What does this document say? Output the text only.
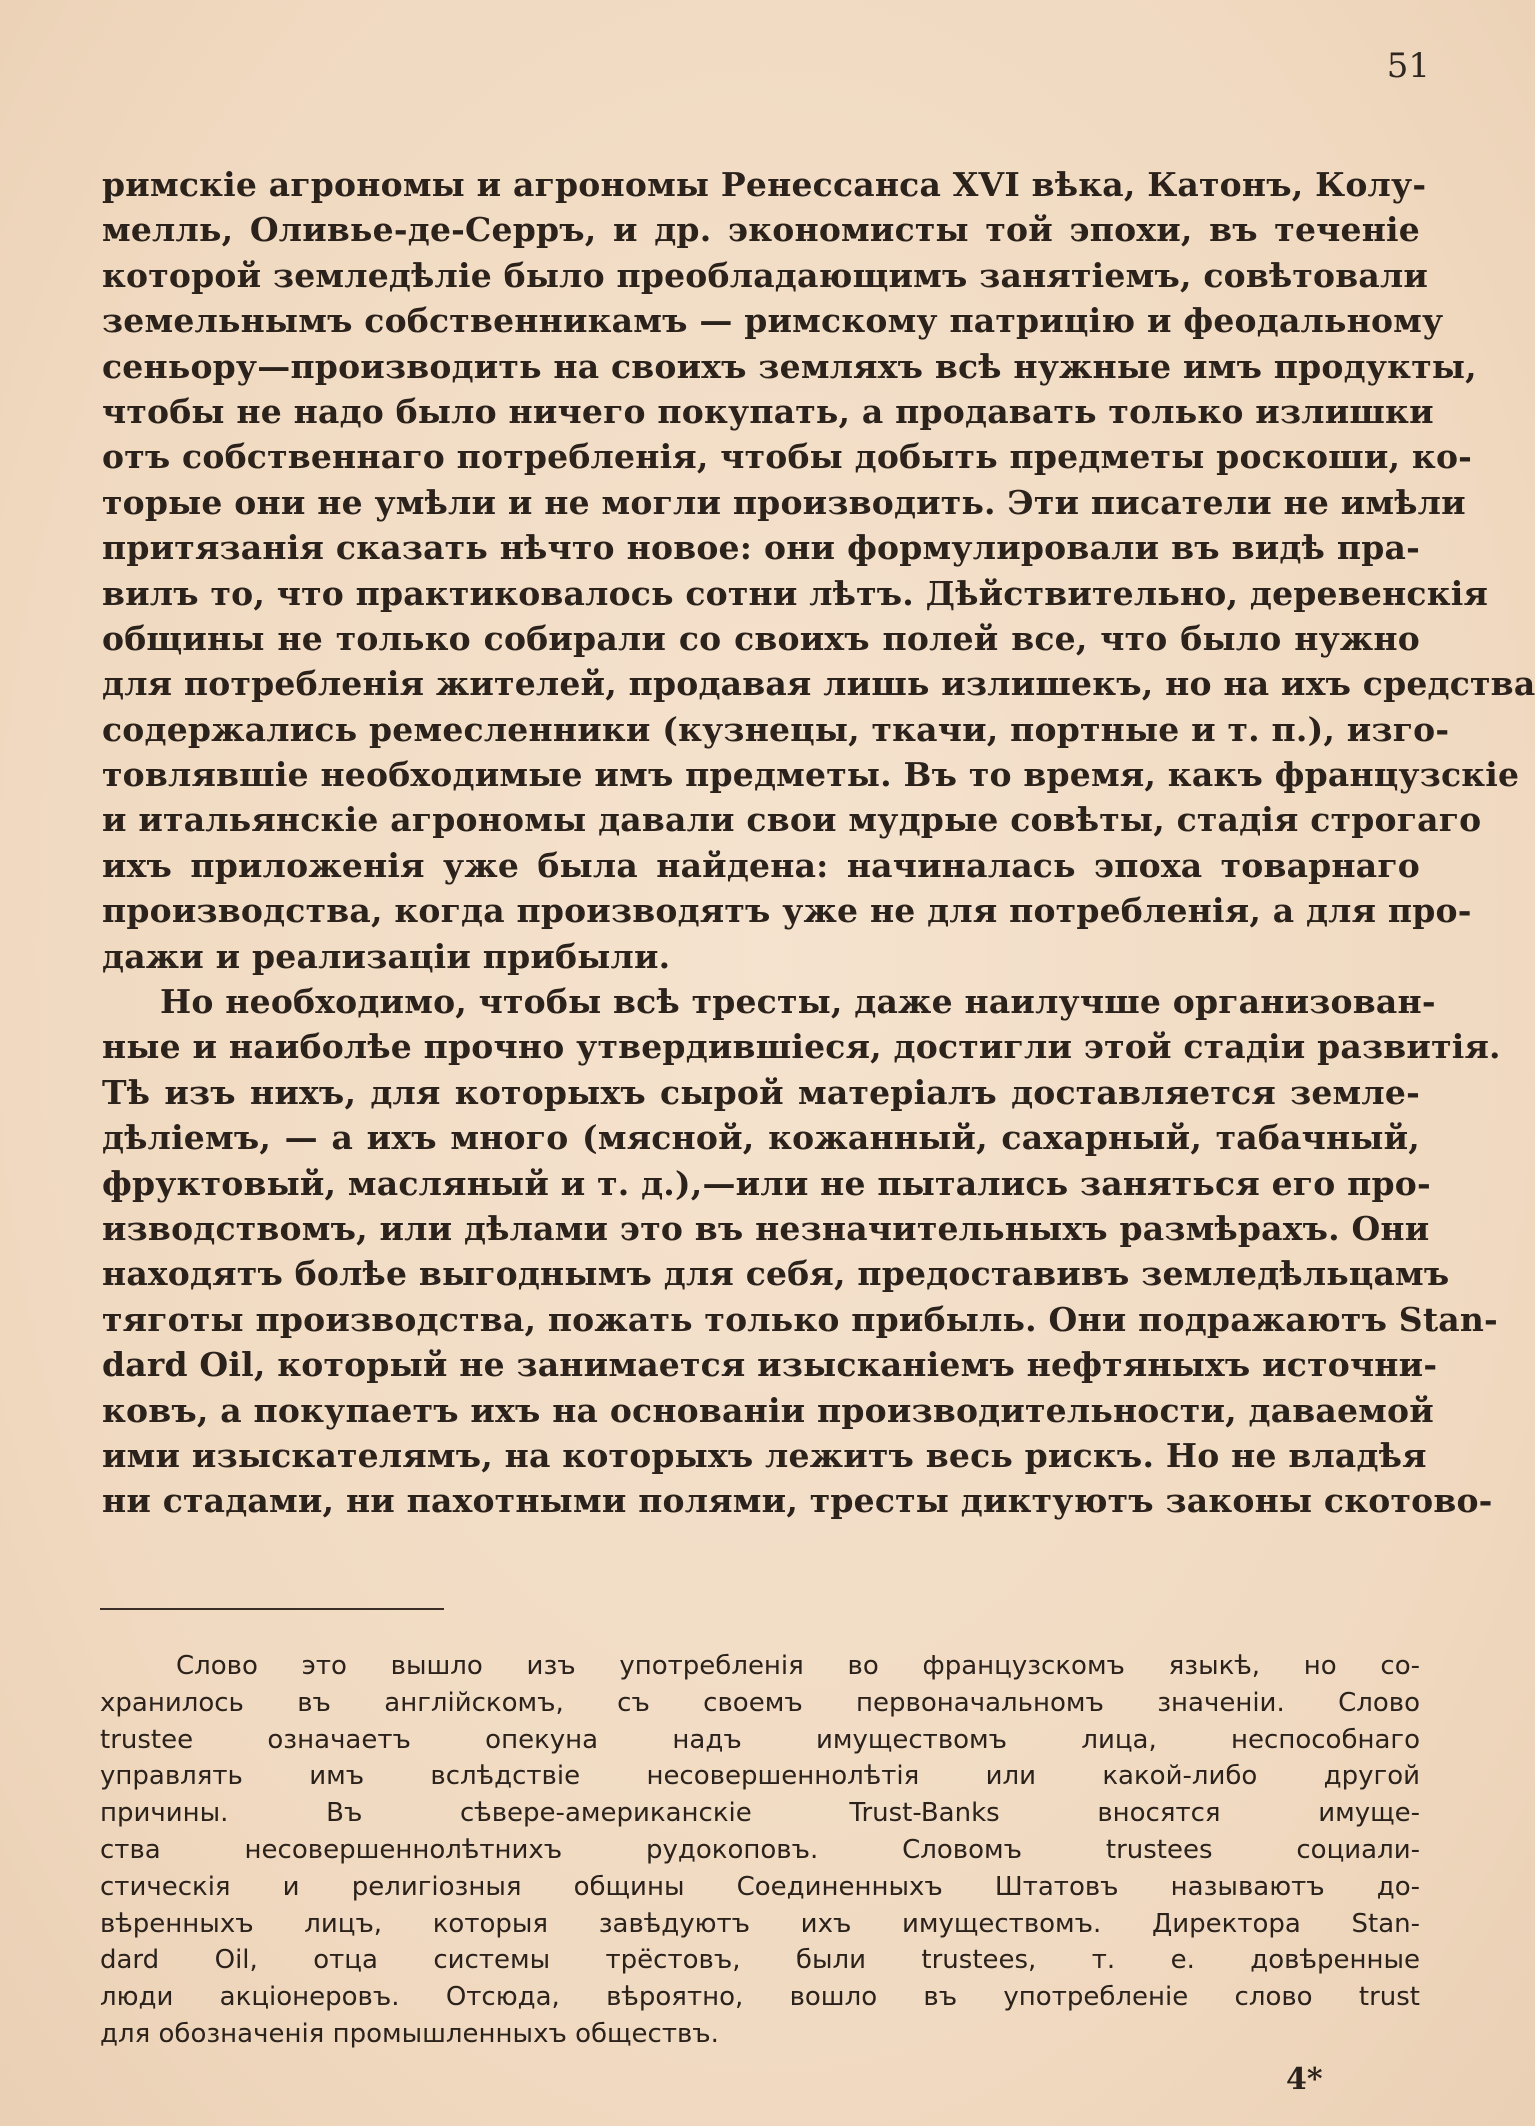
51
римскіе агрономы и агрономы Ренессанса XVI вѣка, Катонъ, Колу-
мелль, Оливье-де-Серръ, и др. экономисты той эпохи, въ теченіе
которой земледѣліе было преобладающимъ занятіемъ, совѣтовали
земельнымъ собственникамъ — римскому патрицію и феодальному
сеньору—производить на своихъ земляхъ всѣ нужные имъ продукты,
чтобы не надо было ничего покупать, а продавать только излишки
отъ собственнаго потребленія, чтобы добыть предметы роскоши, ко-
торые они не умѣли и не могли производить. Эти писатели не имѣли
притязанія сказать нѣчто новое: они формулировали въ видѣ пра-
вилъ то, что практиковалось сотни лѣтъ. Дѣйствительно, деревенскія
общины не только собирали со своихъ полей все, что было нужно
для потребленія жителей, продавая лишь излишекъ, но на ихъ средства
содержались ремесленники (кузнецы, ткачи, портные и т. п.), изго-
товлявшіе необходимые имъ предметы. Въ то время, какъ французскіе
и итальянскіе агрономы давали свои мудрые совѣты, стадія строгаго
ихъ приложенія уже была найдена: начиналась эпоха товарнаго
производства, когда производятъ уже не для потребленія, а для про-
дажи и реализаціи прибыли.
Но необходимо, чтобы всѣ тресты, даже наилучше организован-
ные и наиболѣе прочно утвердившіеся, достигли этой стадіи развитія.
Тѣ изъ нихъ, для которыхъ сырой матеріалъ доставляется земле-
дѣліемъ, — а ихъ много (мясной, кожанный, сахарный, табачный,
фруктовый, масляный и т. д.),—или не пытались заняться его про-
изводствомъ, или дѣлами это въ незначительныхъ размѣрахъ. Они
находятъ болѣе выгоднымъ для себя, предоставивъ земледѣльцамъ
тяготы производства, пожать только прибыль. Они подражаютъ Stan-
dard Oil, который не занимается изысканіемъ нефтяныхъ источни-
ковъ, а покупаетъ ихъ на основаніи производительности, даваемой
ими изыскателямъ, на которыхъ лежитъ весь рискъ. Но не владѣя
ни стадами, ни пахотными полями, тресты диктуютъ законы скотово-
Слово это вышло изъ употребленія во французскомъ языкѣ, но со-
хранилось въ англійскомъ, съ своемъ первоначальномъ значеніи. Слово
trustee означаетъ опекуна надъ имуществомъ лица, неспособнаго
управлять имъ вслѣдствіе несовершеннолѣтія или какой-либо другой
причины. Въ сѣвере-американскіе Trust-Banks вносятся имуще-
ства несовершеннолѣтнихъ рудокоповъ. Словомъ trustees социали-
стическія и религіозныя общины Соединенныхъ Штатовъ называютъ до-
вѣренныхъ лицъ, которыя завѣдуютъ ихъ имуществомъ. Директора Stan-
dard Oil, отца системы трёстовъ, были trustees, т. е. довѣренные
люди акціонеровъ. Отсюда, вѣроятно, вошло въ употребленіе слово trust
для обозначенія промышленныхъ обществъ.
4*
